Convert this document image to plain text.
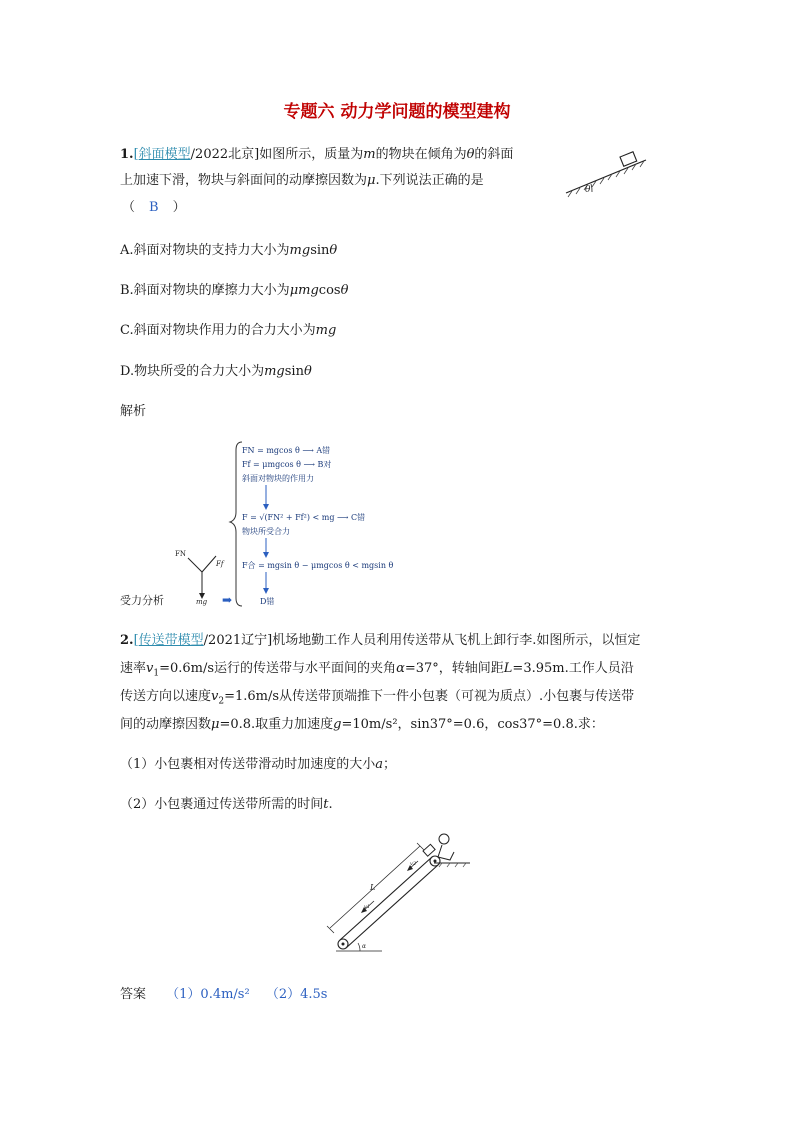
专题六 动力学问题的模型建构
1.[斜面模型/2022北京]如图所示，质量为m的物块在倾角为θ的斜面
上加速下滑，物块与斜面间的动摩擦因数为μ.下列说法正确的是
（ B ）
θ
A.斜面对物块的支持力大小为mgsinθ
B.斜面对物块的摩擦力大小为μmgcosθ
C.斜面对物块作用力的合力大小为mg
D.物块所受的合力大小为mgsinθ
解析
FN
Ff
mg
受力分析	➡
FN = mgcos θ ⟶ A错
Ff = μmgcos θ ⟶ B对
斜面对物块的作用力
F = √(FN² + Ff²) < mg ⟶ C错
物块所受合力
F合 = mgsin θ − μmgcos θ < mgsin θ
D错
2.[传送带模型/2021辽宁]机场地勤工作人员利用传送带从飞机上卸行李.如图所示，以恒定
速率$v_1=0.6m/s$运行的传送带与水平面间的夹角α=37°，转轴间距L=3.95m.工作人员沿
传送方向以速度$v_2=1.6m/s$从传送带顶端推下一件小包裹（可视为质点）.小包裹与传送带
间的动摩擦因数μ=0.8.取重力加速度g=10m/s²，sin37°=0.6，cos37°=0.8.求：
（1）小包裹相对传送带滑动时加速度的大小a；
（2）小包裹通过传送带所需的时间t.
L
v1
v2
α
答案 （1）0.4m/s² （2）4.5s
